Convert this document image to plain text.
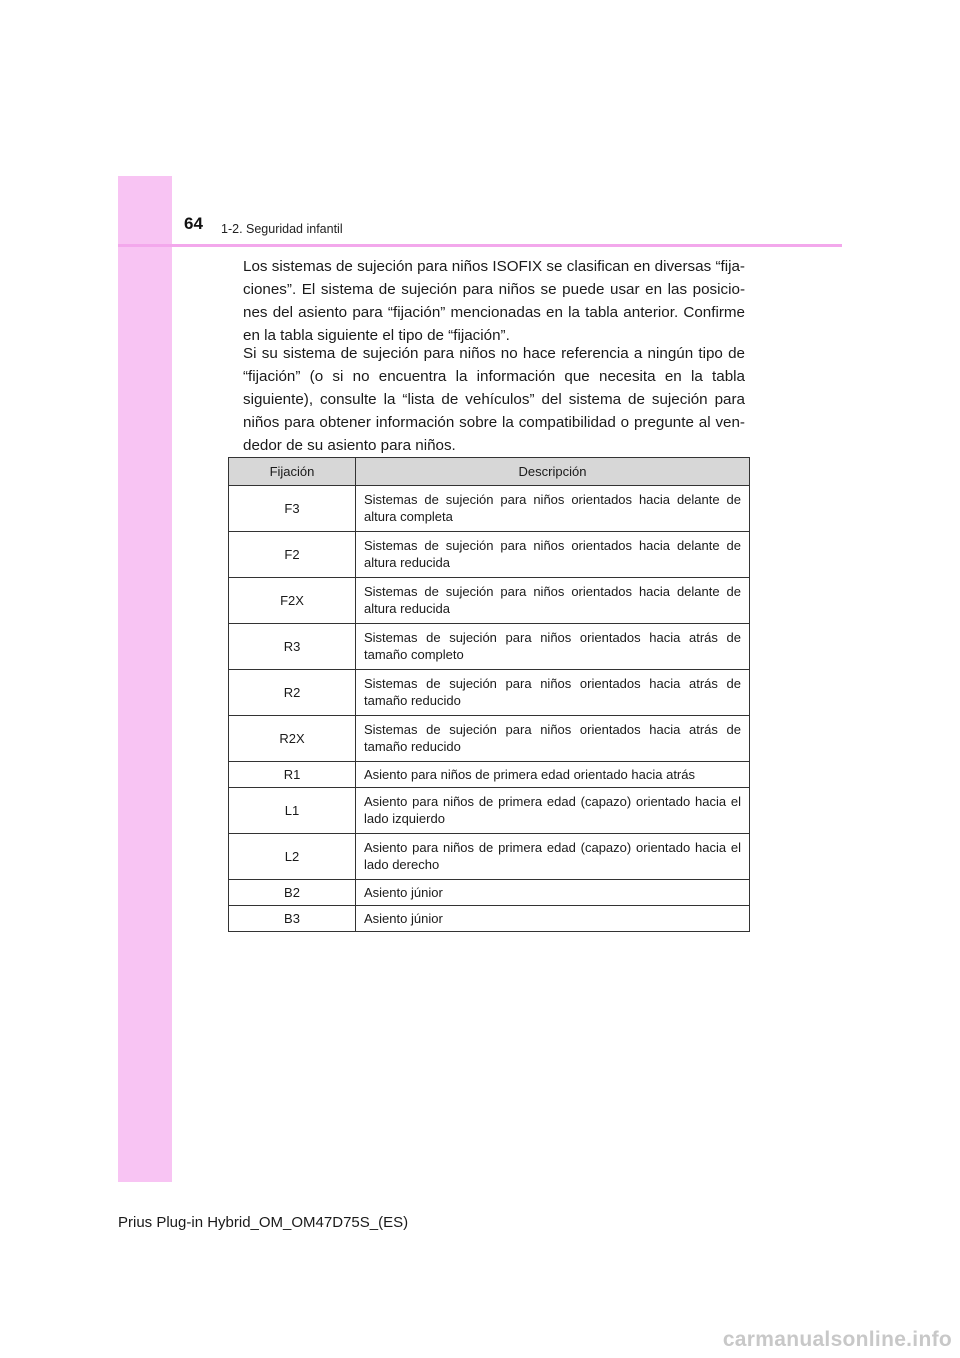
64 1-2. Seguridad infantil
Los sistemas de sujeción para niños ISOFIX se clasifican en diversas “fija-ciones”. El sistema de sujeción para niños se puede usar en las posicio-nes del asiento para “fijación” mencionadas en la tabla anterior. Confirme en la tabla siguiente el tipo de “fijación”.
Si su sistema de sujeción para niños no hace referencia a ningún tipo de “fijación” (o si no encuentra la información que necesita en la tabla siguiente), consulte la “lista de vehículos” del sistema de sujeción para niños para obtener información sobre la compatibilidad o pregunte al ven-dedor de su asiento para niños.
Fijación	Descripción
F3	Sistemas de sujeción para niños orientados hacia delante de altura completa
F2	Sistemas de sujeción para niños orientados hacia delante de altura reducida
F2X	Sistemas de sujeción para niños orientados hacia delante de altura reducida
R3	Sistemas de sujeción para niños orientados hacia atrás de tamaño completo
R2	Sistemas de sujeción para niños orientados hacia atrás de tamaño reducido
R2X	Sistemas de sujeción para niños orientados hacia atrás de tamaño reducido
R1	Asiento para niños de primera edad orientado hacia atrás
L1	Asiento para niños de primera edad (capazo) orientado hacia el lado izquierdo
L2	Asiento para niños de primera edad (capazo) orientado hacia el lado derecho
B2	Asiento júnior
B3	Asiento júnior
Prius Plug-in Hybrid_OM_OM47D75S_(ES)
carmanualsonline.info
